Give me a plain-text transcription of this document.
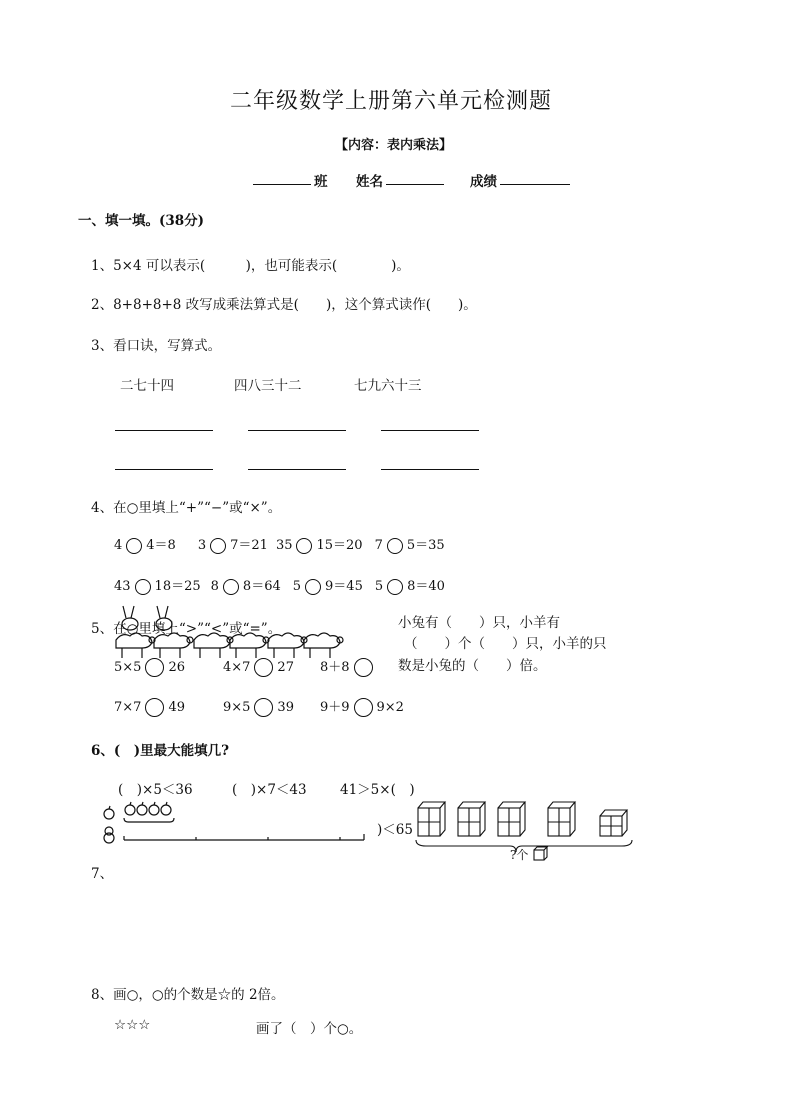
二年级数学上册第六单元检测题
【内容：表内乘法】
班 姓名	成绩
一、填一填。(38分)
1、5×4 可以表示(　　　)，也可能表示(　　　　)。
2、8+8+8+8 改写成乘法算式是(　　)，这个算式读作(　　)。
3、看口诀，写算式。
二七十四	四八三十二	七九六十三
4、在○里填上“+”“−”或“×”。
4 4＝8 3 7＝21 35 15＝20 7 5＝35
43 18＝25 8 8＝64 5 9＝45 5 8＝40
5、在○里填上“>”“<”或“=”。	小兔有（　　）只，小羊有
（　　）个（　　）只，小羊的只
数是小兔的（　　）倍。
5×5 26	4×7 27 8＋8
7×7 49	9×5 39 9＋9 9×2
6、(　)里最大能填几?
(　)×5＜36	(　)×7＜43 41＞5×(　)
)＜65
?个
7、
8、画○，○的个数是☆的 2倍。
☆☆☆	画了（　）个○。
